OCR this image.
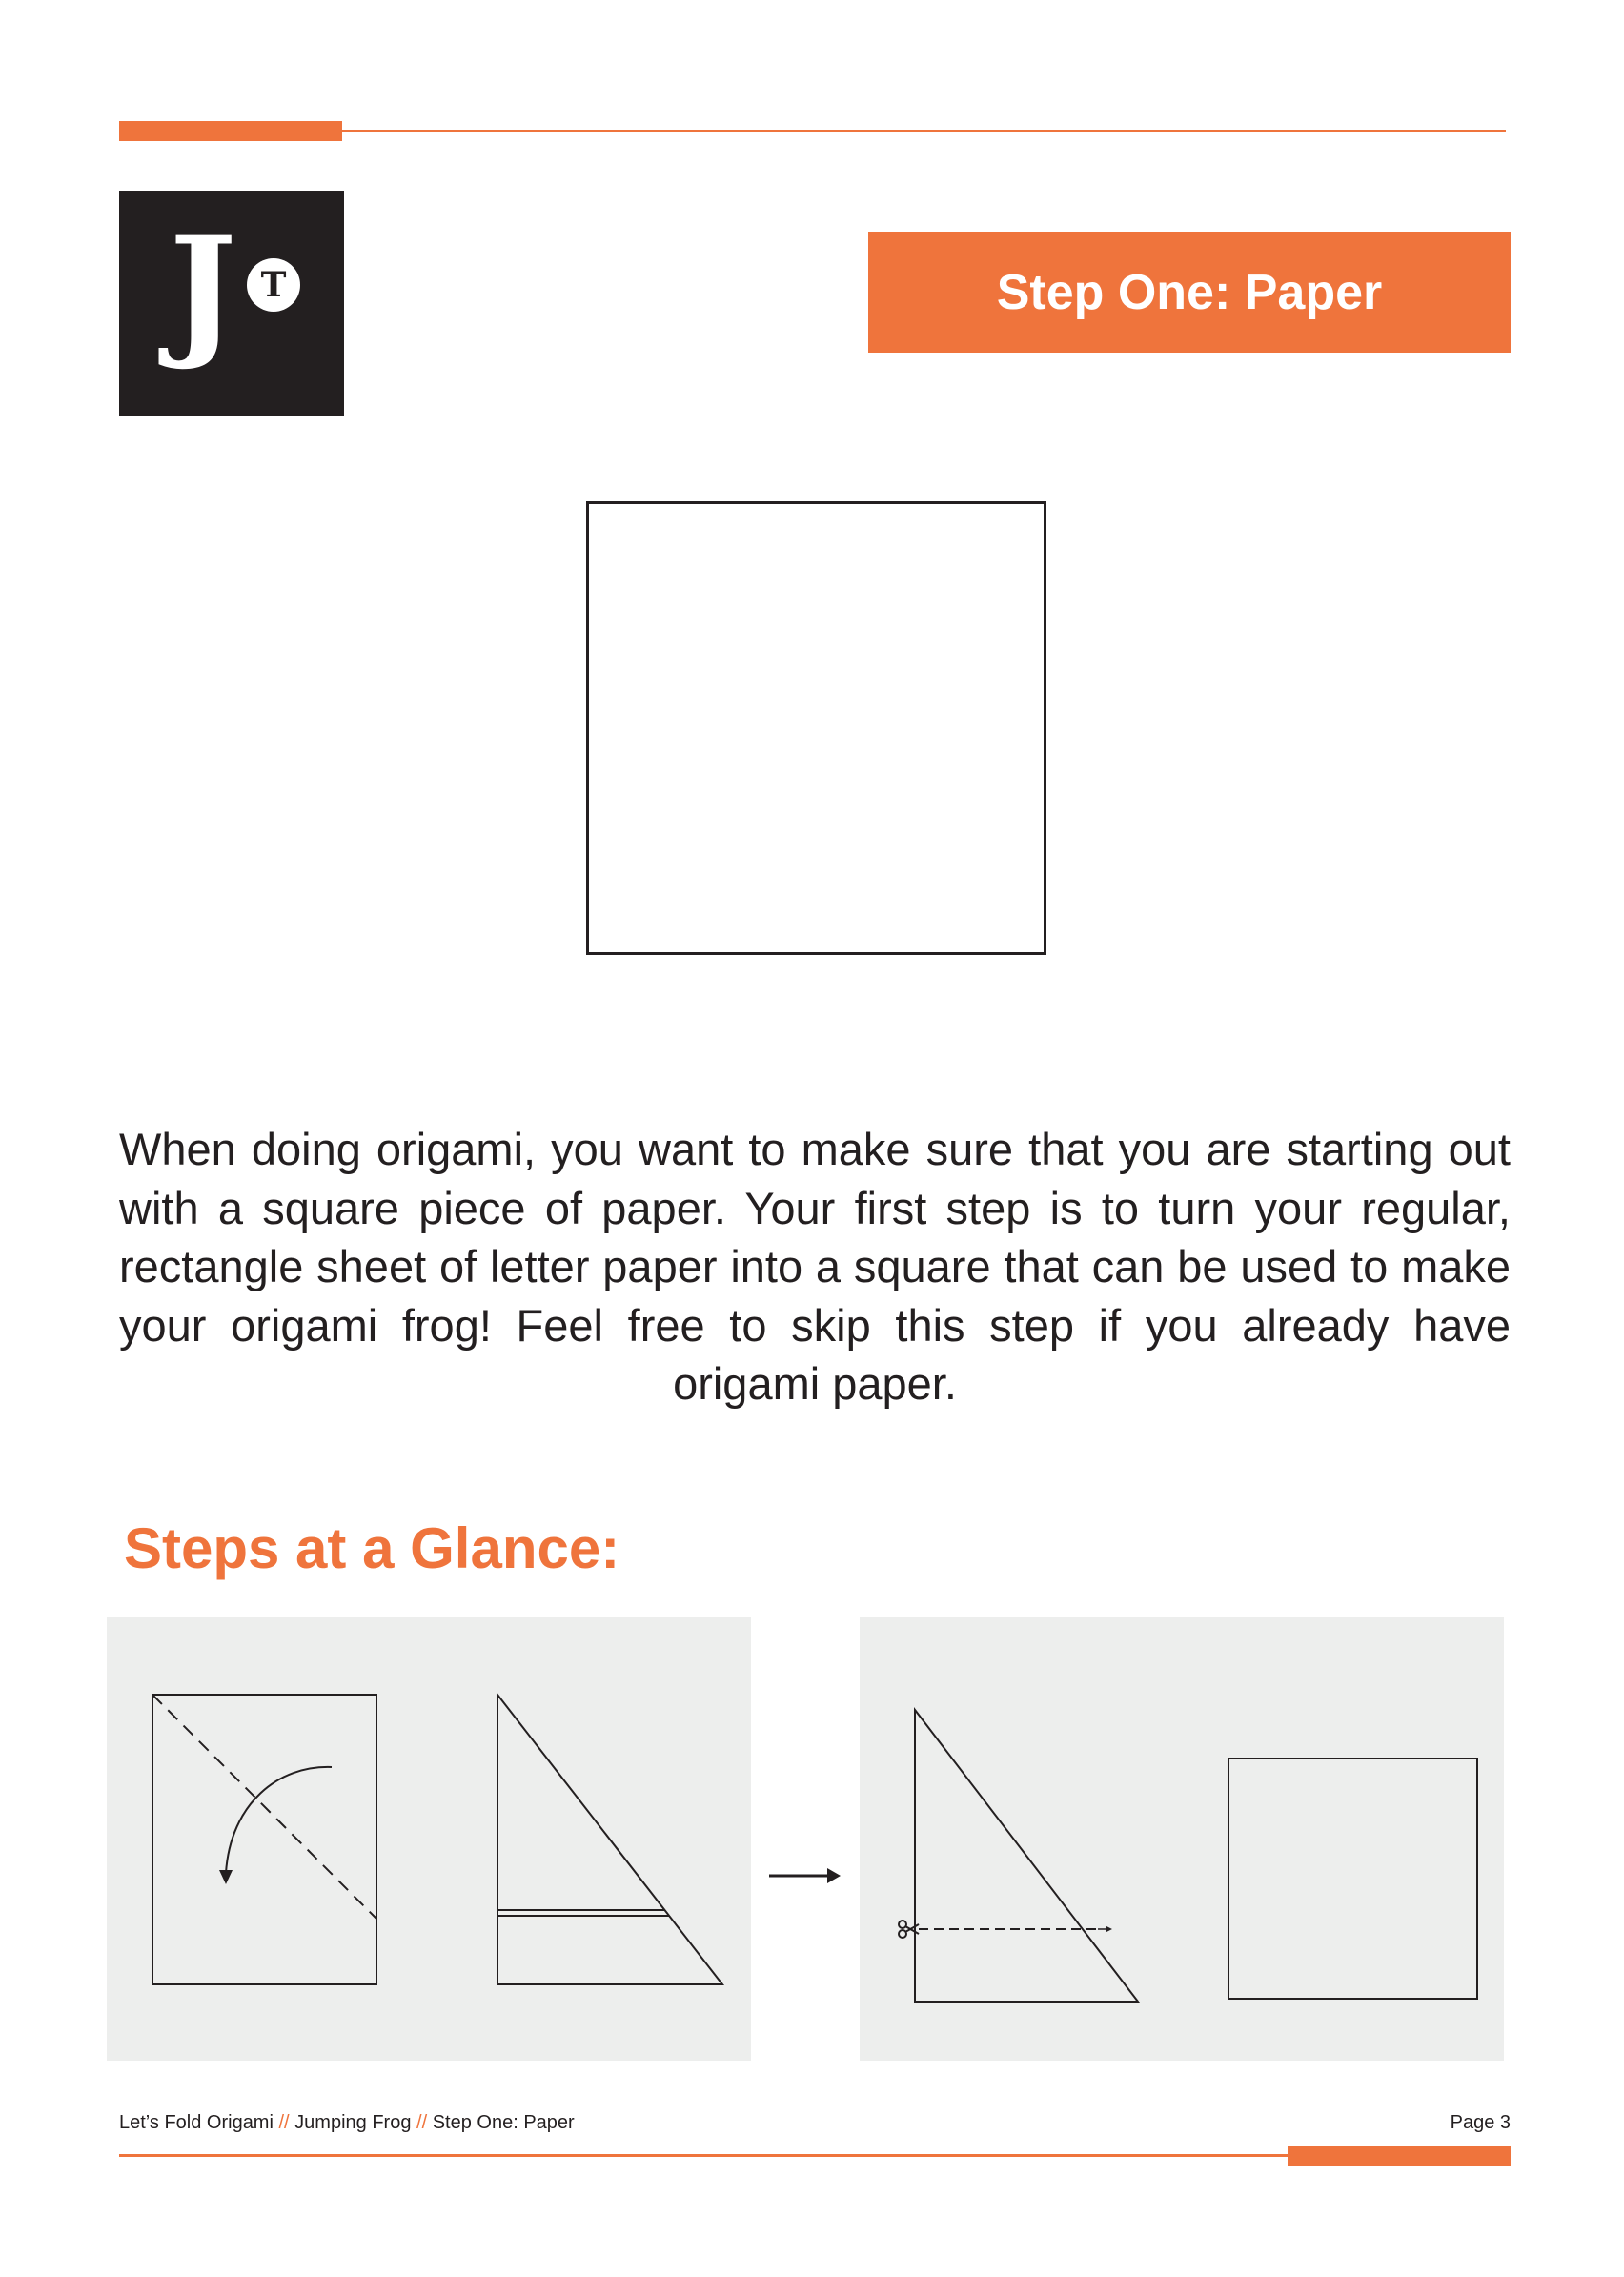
J T	Step One: Paper
When doing origami, you want to make sure that you are starting out with a square piece of paper. Your first step is to turn your regular, rectangle sheet of letter paper into a square that can be used to make your origami frog! Feel free to skip this step if you already have origami paper.
Steps at a Glance:
Let’s Fold Origami // Jumping Frog // Step One: Paper	Page 3
